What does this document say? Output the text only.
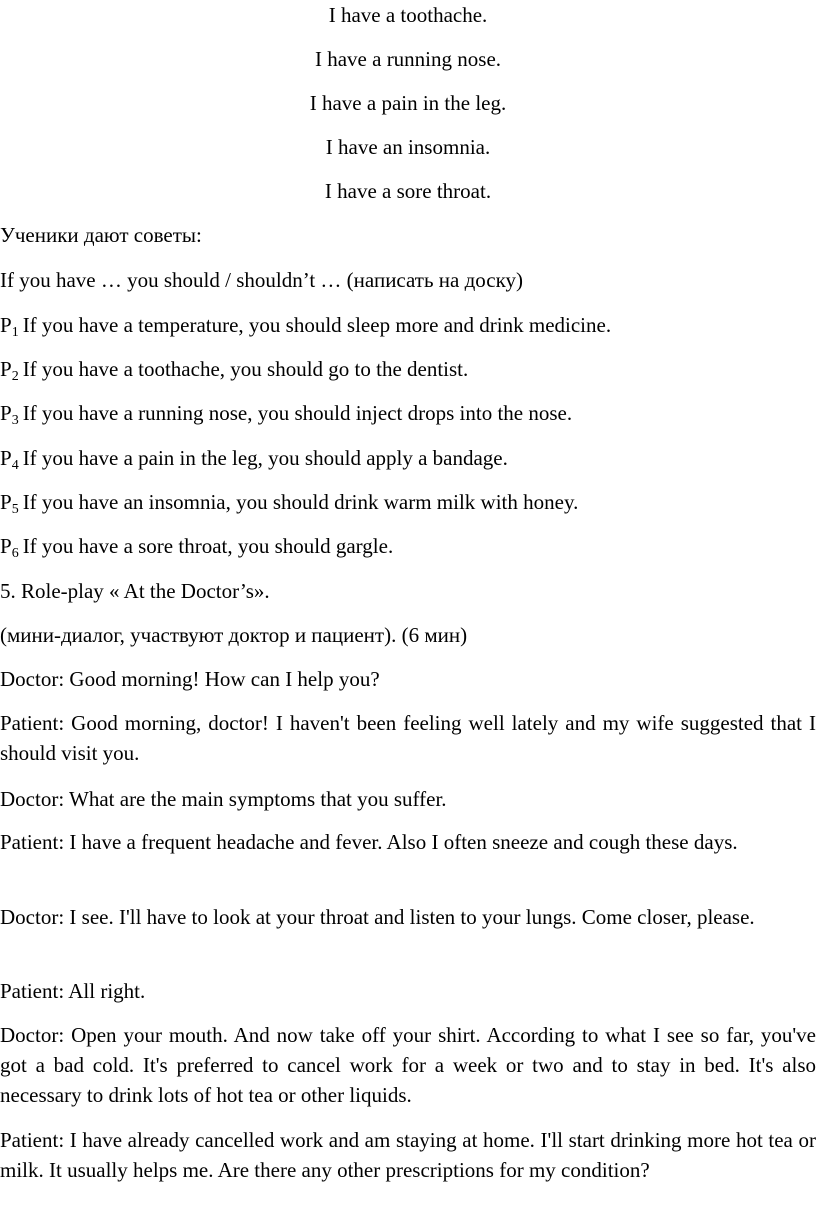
I have a toothache.

I have a running nose.

I have a pain in the leg.

I have an insomnia.

I have a sore throat.

Ученики дают советы:

If you have … you should / shouldn’t … (написать на доску)

P1 If you have a temperature, you should sleep more and drink medicine.

P2 If you have a toothache, you should go to the dentist.

P3 If you have a running nose, you should inject drops into the nose.

P4 If you have a pain in the leg, you should apply a bandage.

P5 If you have an insomnia, you should drink warm milk with honey.

P6 If you have a sore throat, you should gargle.

5. Role-play « At the Doctor’s».

(мини-диалог, участвуют доктор и пациент). (6 мин)

Doctor: Good morning! How can I help you?

Patient: Good morning, doctor! I haven't been feeling well lately and my wife suggested that I should visit you.

Doctor: What are the main symptoms that you suffer.

Patient: I have a frequent headache and fever. Also I often sneeze and cough these days.

Doctor: I see. I'll have to look at your throat and listen to your lungs. Come closer, please.

Patient: All right.

Doctor: Open your mouth. And now take off your shirt. According to what I see so far, you've got a bad cold. It's preferred to cancel work for a week or two and to stay in bed. It's also necessary to drink lots of hot tea or other liquids.

Patient: I have already cancelled work and am staying at home. I'll start drinking more hot tea or milk. It usually helps me. Are there any other prescriptions for my condition?
